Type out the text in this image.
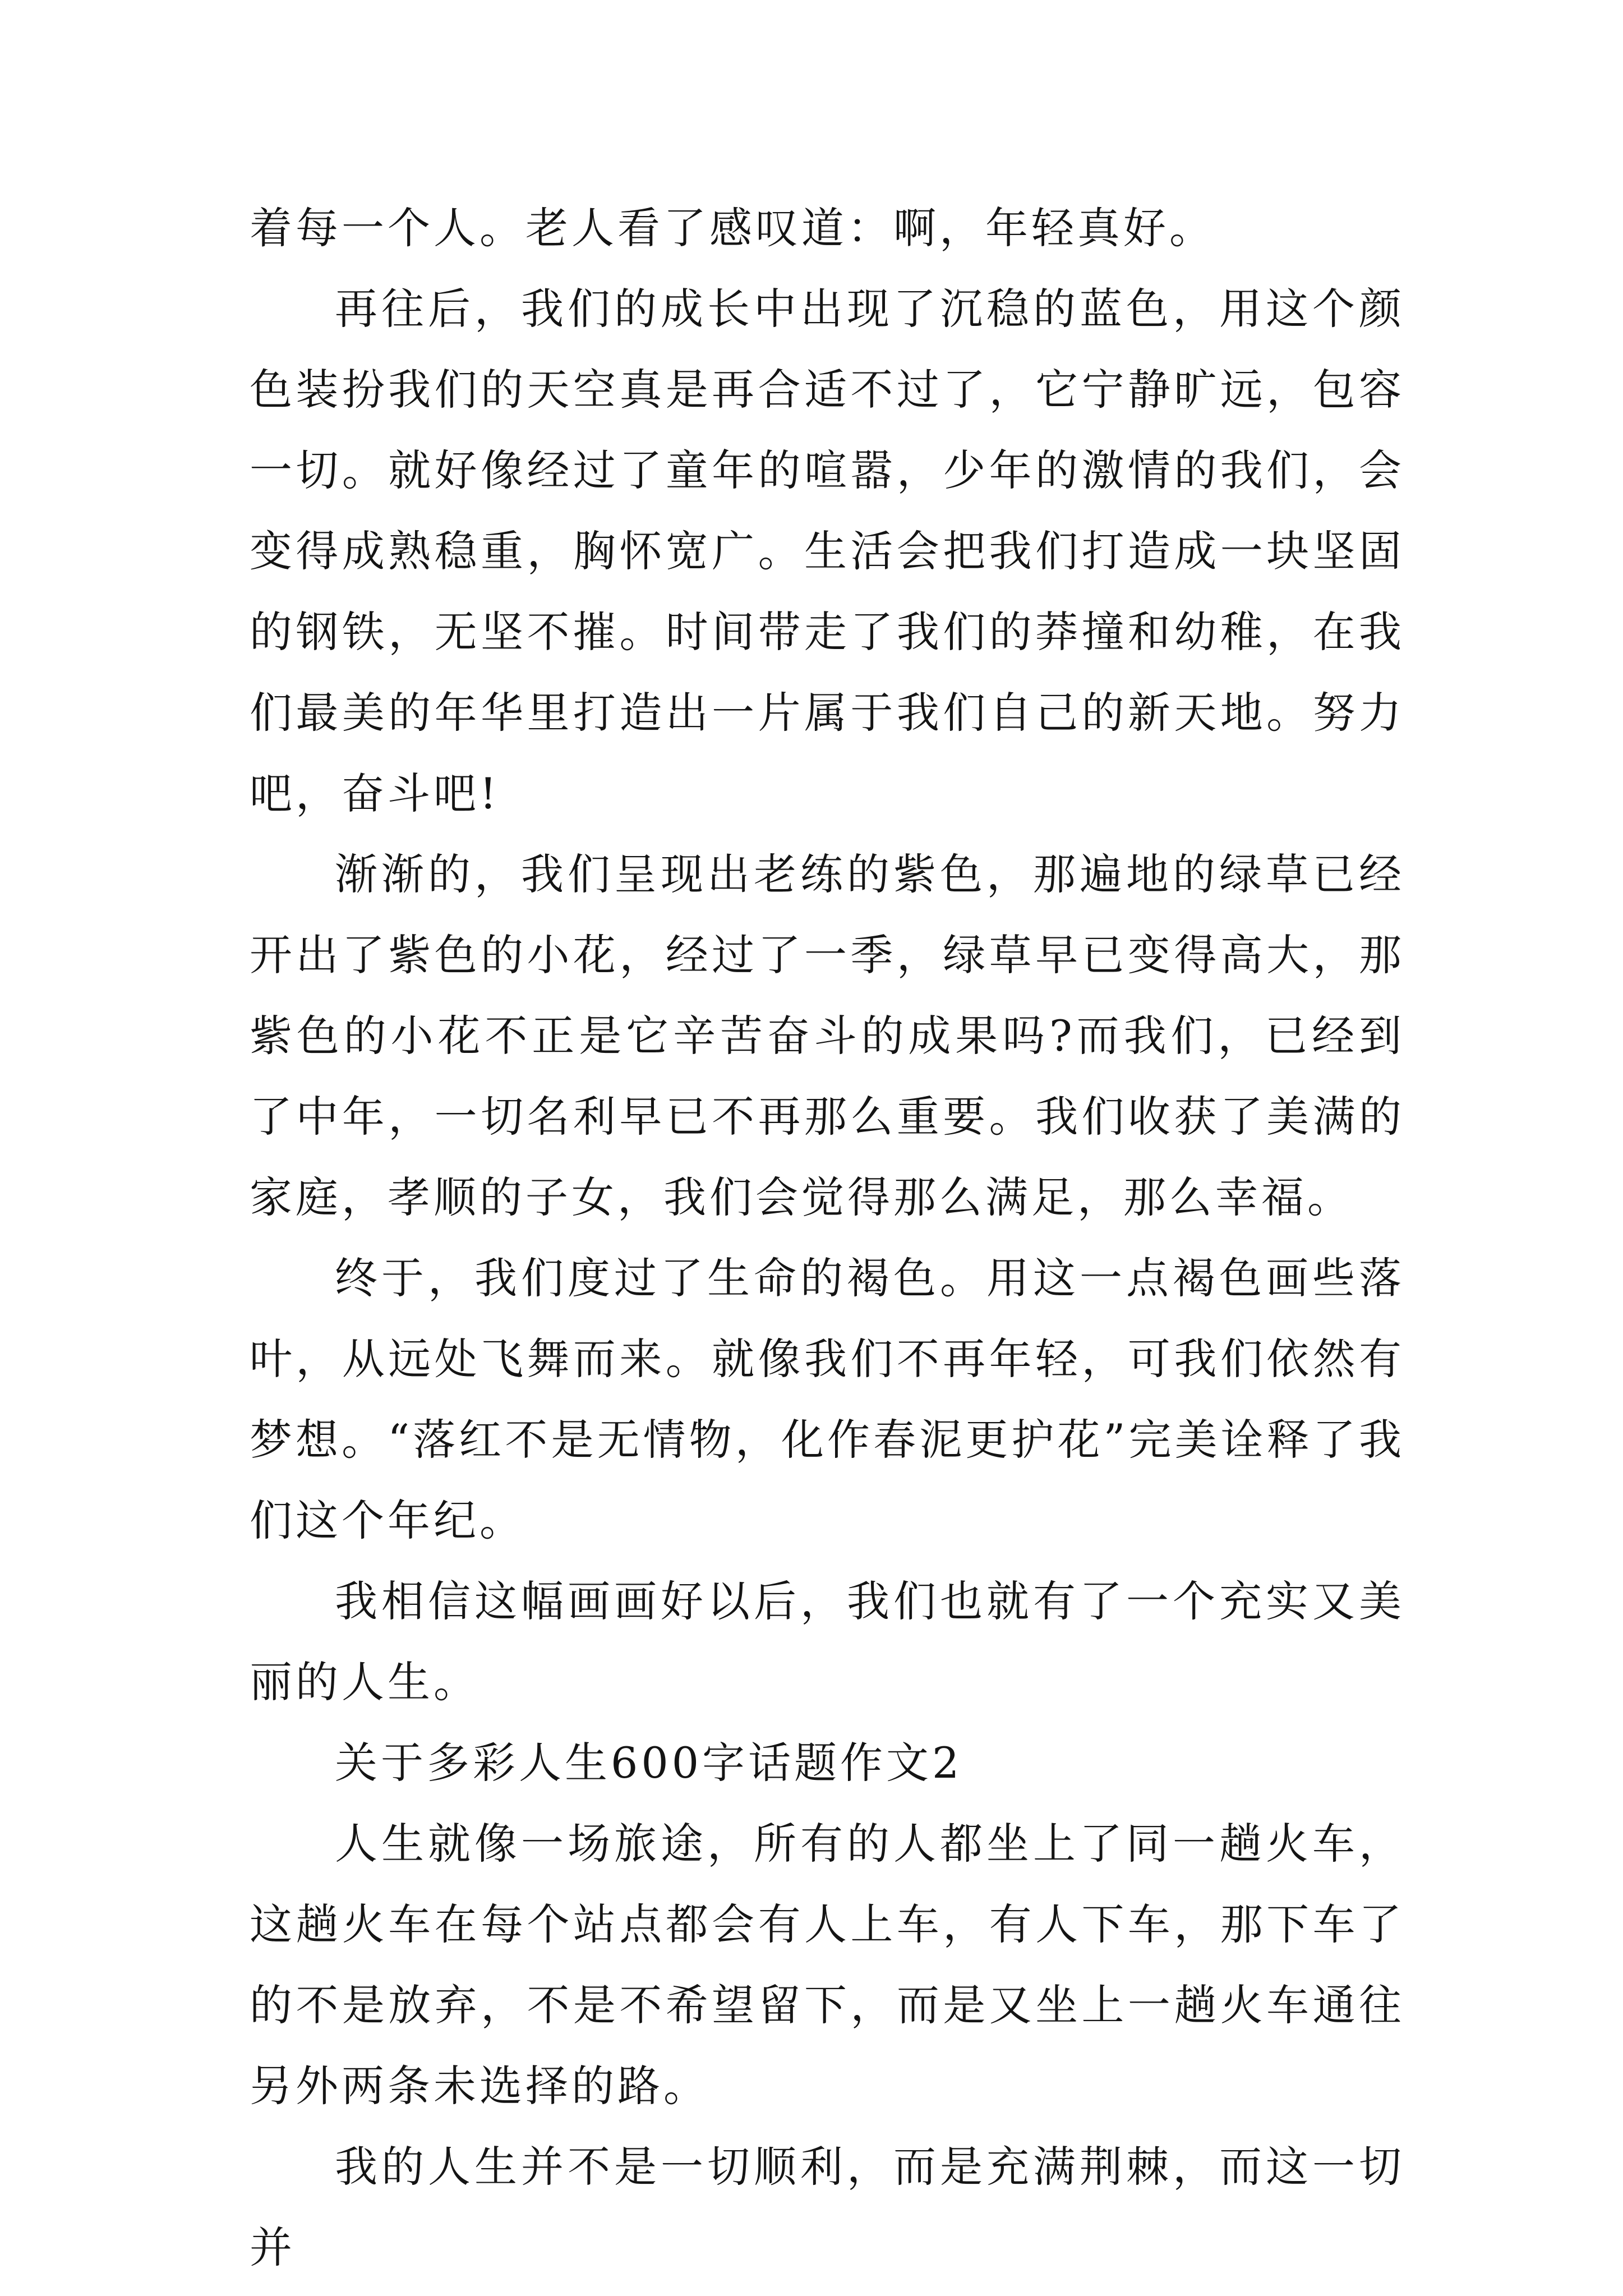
着每一个人。老人看了感叹道：啊，年轻真好。

再往后，我们的成长中出现了沉稳的蓝色，用这个颜色装扮我们的天空真是再合适不过了，它宁静旷远，包容一切。就好像经过了童年的喧嚣，少年的激情的我们，会变得成熟稳重，胸怀宽广。生活会把我们打造成一块坚固的钢铁，无坚不摧。时间带走了我们的莽撞和幼稚，在我们最美的年华里打造出一片属于我们自己的新天地。努力吧，奋斗吧!

渐渐的，我们呈现出老练的紫色，那遍地的绿草已经开出了紫色的小花，经过了一季，绿草早已变得高大，那紫色的小花不正是它辛苦奋斗的成果吗?而我们，已经到了中年，一切名利早已不再那么重要。我们收获了美满的家庭，孝顺的子女，我们会觉得那么满足，那么幸福。

终于，我们度过了生命的褐色。用这一点褐色画些落叶，从远处飞舞而来。就像我们不再年轻，可我们依然有梦想。“落红不是无情物，化作春泥更护花”完美诠释了我们这个年纪。

我相信这幅画画好以后，我们也就有了一个充实又美丽的人生。

关于多彩人生600字话题作文2

人生就像一场旅途，所有的人都坐上了同一趟火车，这趟火车在每个站点都会有人上车，有人下车，那下车了的不是放弃，不是不希望留下，而是又坐上一趟火车通往另外两条未选择的路。

我的人生并不是一切顺利，而是充满荆棘，而这一切并
